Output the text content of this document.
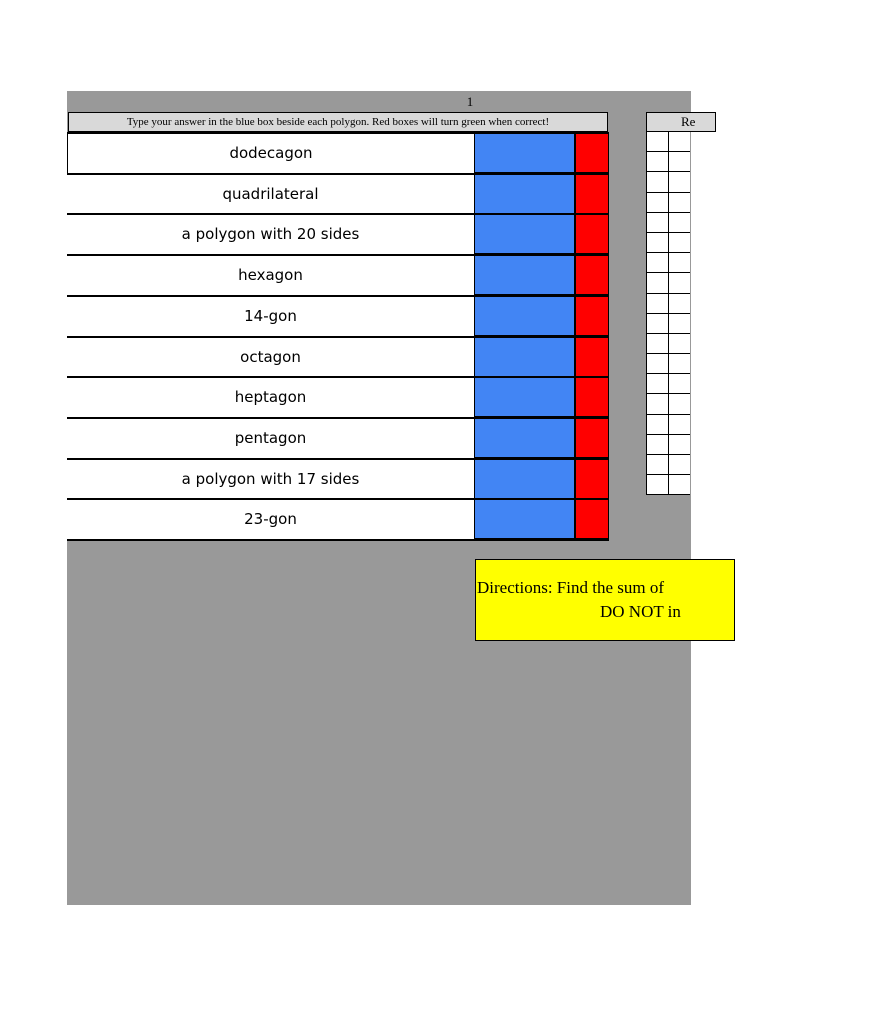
1
Type your answer in the blue box beside each polygon. Red boxes will turn green when correct!
dodecagon
quadrilateral
a polygon with 20 sides
hexagon
14-gon
octagon
heptagon
pentagon
a polygon with 17 sides
23-gon
Re
Directions: Find the sum of
DO NOT in
